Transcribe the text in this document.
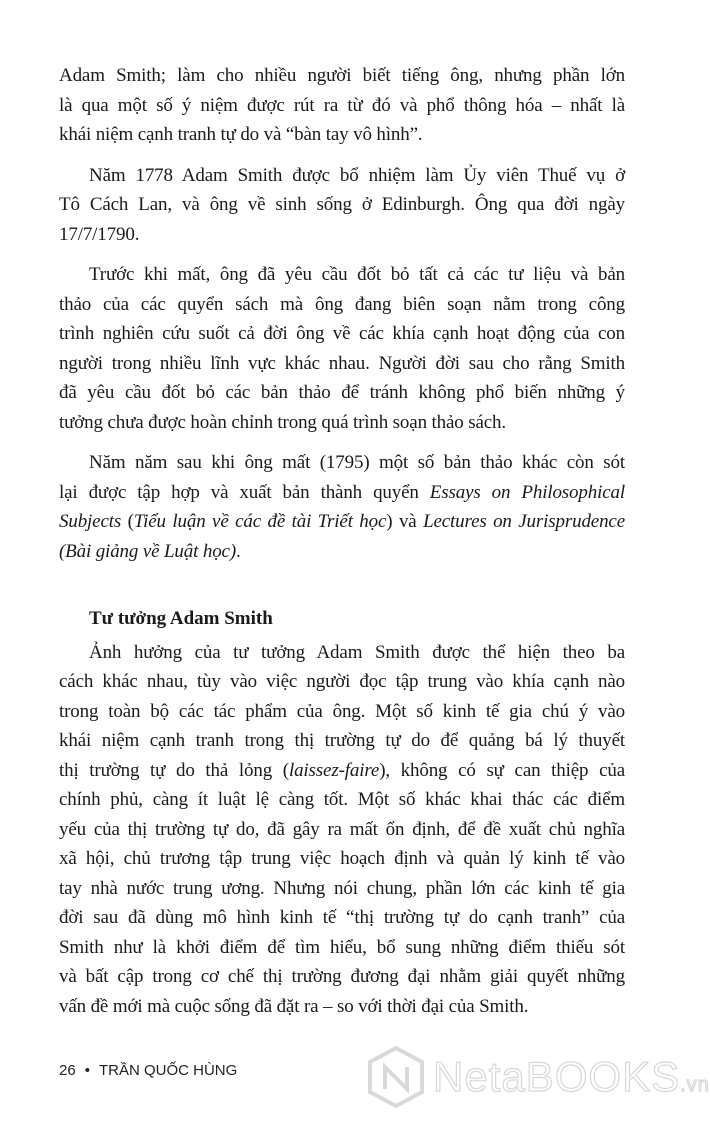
Adam Smith; làm cho nhiều người biết tiếng ông, nhưng phần lớn
là qua một số ý niệm được rút ra từ đó và phổ thông hóa – nhất là
khái niệm cạnh tranh tự do và “bàn tay vô hình”.
Năm 1778 Adam Smith được bổ nhiệm làm Ủy viên Thuế vụ ở
Tô Cách Lan, và ông về sinh sống ở Edinburgh. Ông qua đời ngày
17/7/1790.
Trước khi mất, ông đã yêu cầu đốt bỏ tất cả các tư liệu và bản
thảo của các quyển sách mà ông đang biên soạn nằm trong công
trình nghiên cứu suốt cả đời ông về các khía cạnh hoạt động của con
người trong nhiều lĩnh vực khác nhau. Người đời sau cho rằng Smith
đã yêu cầu đốt bỏ các bản thảo để tránh không phổ biến những ý
tưởng chưa được hoàn chỉnh trong quá trình soạn thảo sách.
Năm năm sau khi ông mất (1795) một số bản thảo khác còn sót
lại được tập hợp và xuất bản thành quyển Essays on Philosophical
Subjects (Tiểu luận về các đề tài Triết học) và Lectures on Jurisprudence
(Bài giảng về Luật học).
Tư tưởng Adam Smith
Ảnh hưởng của tư tưởng Adam Smith được thể hiện theo ba
cách khác nhau, tùy vào việc người đọc tập trung vào khía cạnh nào
trong toàn bộ các tác phẩm của ông. Một số kinh tế gia chú ý vào
khái niệm cạnh tranh trong thị trường tự do để quảng bá lý thuyết
thị trường tự do thả lỏng (laissez-faire), không có sự can thiệp của
chính phủ, càng ít luật lệ càng tốt. Một số khác khai thác các điểm
yếu của thị trường tự do, đã gây ra mất ổn định, để đề xuất chủ nghĩa
xã hội, chủ trương tập trung việc hoạch định và quản lý kinh tế vào
tay nhà nước trung ương. Nhưng nói chung, phần lớn các kinh tế gia
đời sau đã dùng mô hình kinh tế “thị trường tự do cạnh tranh” của
Smith như là khởi điểm để tìm hiểu, bổ sung những điểm thiếu sót
và bất cập trong cơ chế thị trường đương đại nhằm giải quyết những
vấn đề mới mà cuộc sống đã đặt ra – so với thời đại của Smith.
26 • TRẦN QUỐC HÙNG	NetaBOOKS.vn
